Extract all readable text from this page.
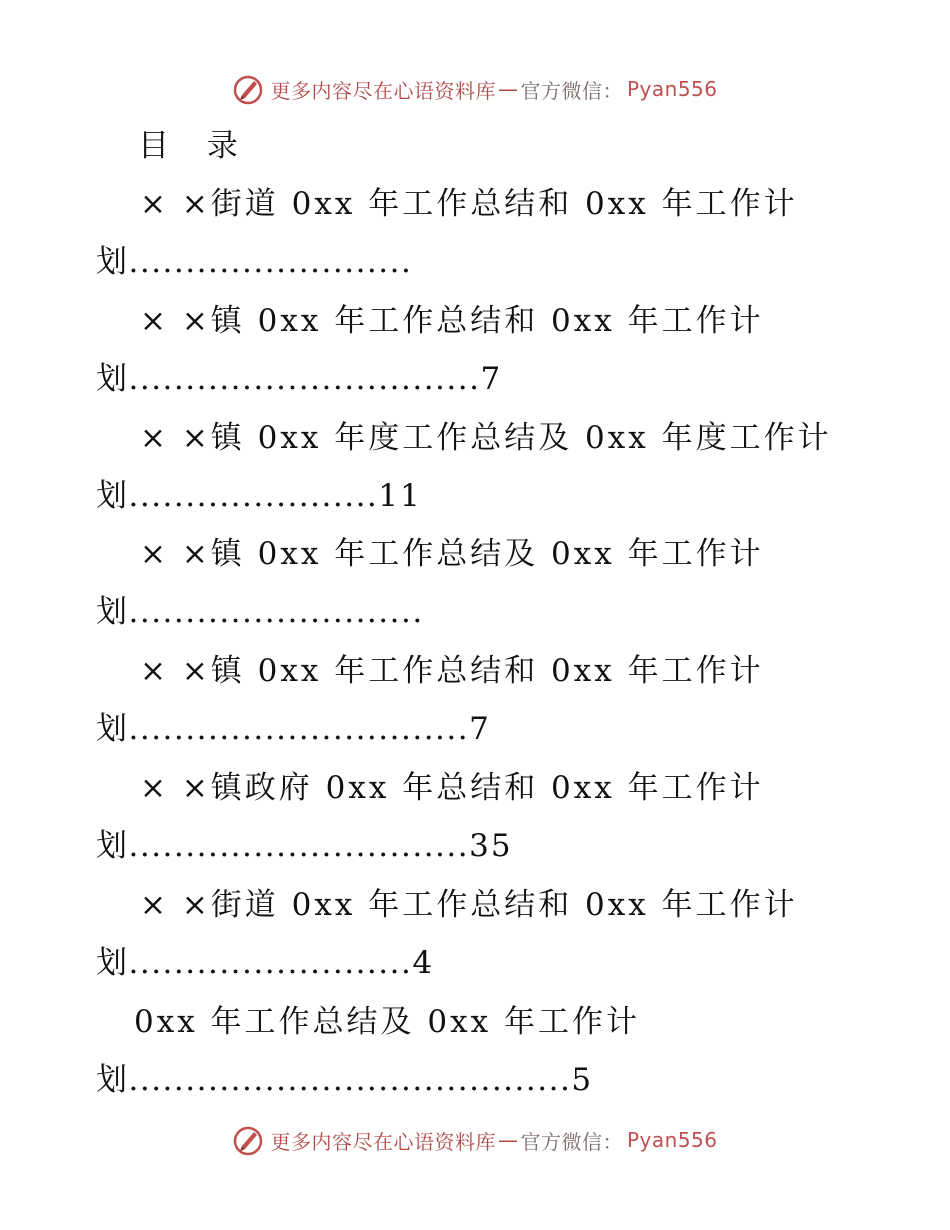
更多内容尽在心语资料库 — 官方微信： Pyan556
目 录
× ×街道 0xx 年工作总结和 0xx 年工作计
划.........................
× ×镇 0xx 年工作总结和 0xx 年工作计
划...............................7
× ×镇 0xx 年度工作总结及 0xx 年度工作计
划......................11
× ×镇 0xx 年工作总结及 0xx 年工作计
划..........................
× ×镇 0xx 年工作总结和 0xx 年工作计
划..............................7
× ×镇政府 0xx 年总结和 0xx 年工作计
划..............................35
× ×街道 0xx 年工作总结和 0xx 年工作计
划.........................4
0xx 年工作总结及 0xx 年工作计
划.......................................5
更多内容尽在心语资料库 — 官方微信： Pyan556
